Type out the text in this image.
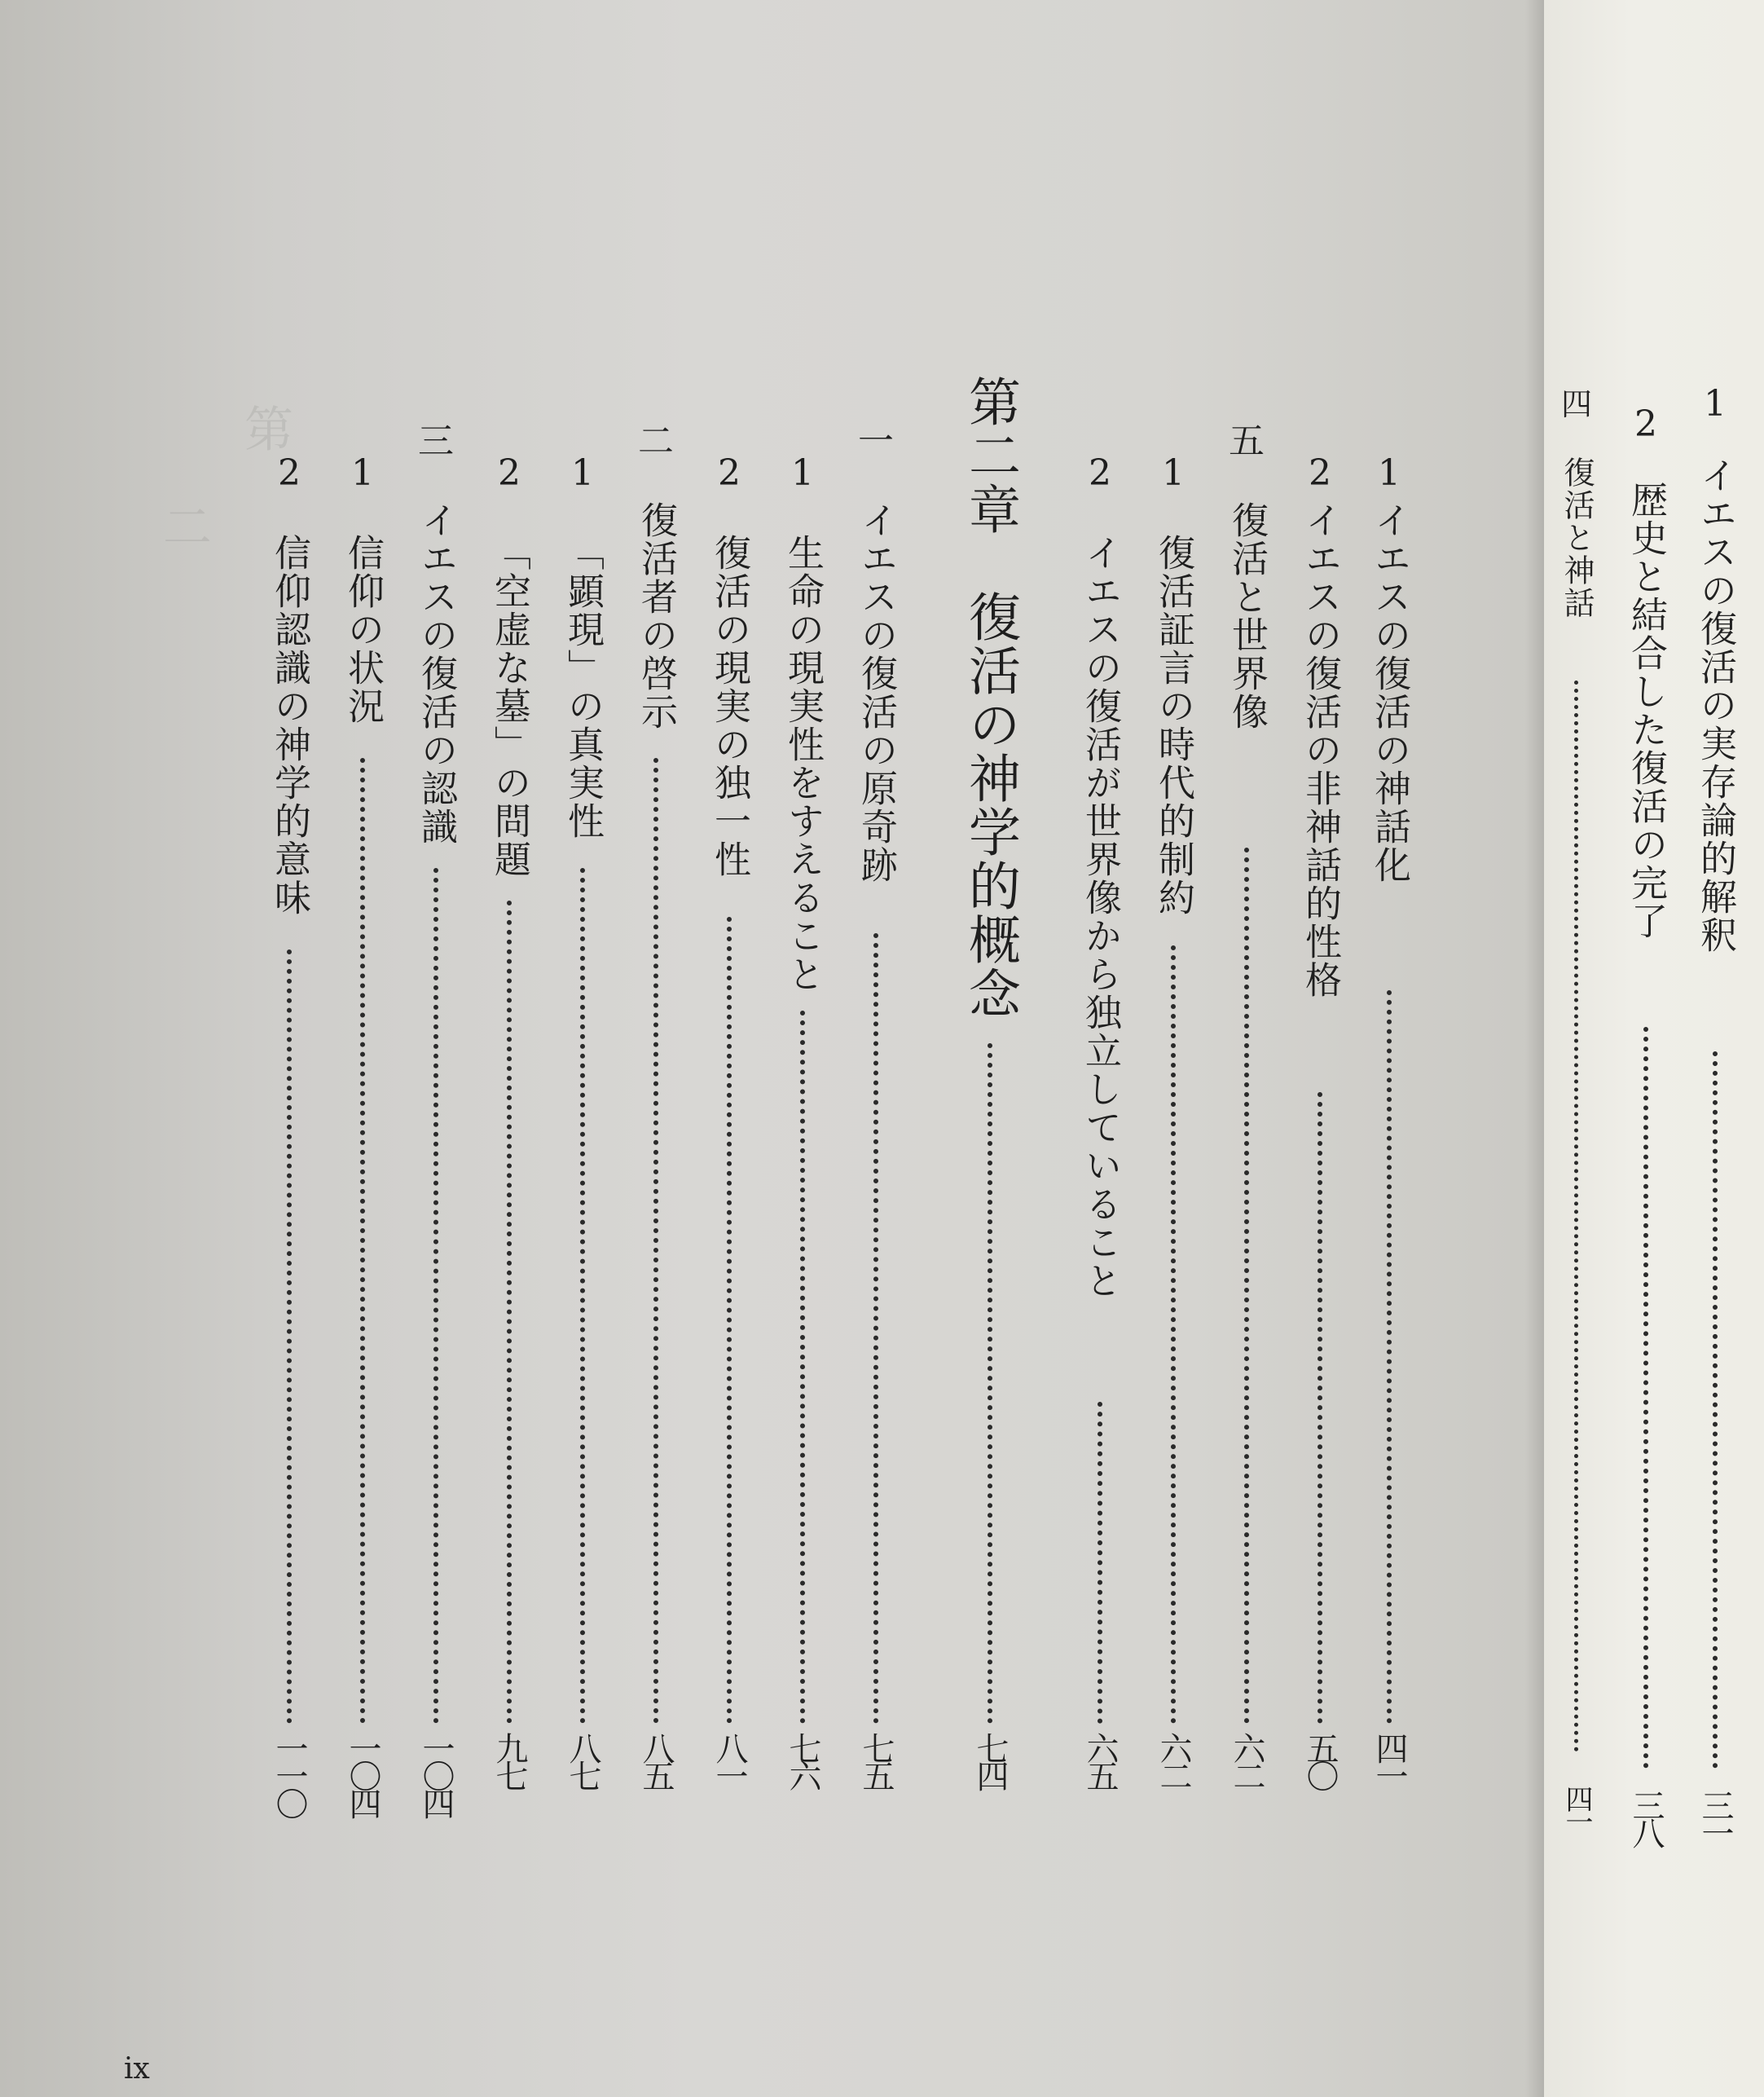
第
二
1
イエスの復活の神話化
四一
2
イエスの復活の非神話的性格
五〇
五
復活と世界像
六二
1
復活証言の時代的制約
六二
2
イエスの復活が世界像から独立していること
六五
第二章　復活の神学的概念
七四
一
イエスの復活の原奇跡
七五
1
生命の現実性をすえること
七六
2
復活の現実の独一性
八一
二
復活者の啓示
八五
1
「顕現」の真実性
八七
2
「空虚な墓」の問題
九七
三
イエスの復活の認識
一〇四
1
信仰の状況
一〇四
2
信仰認識の神学的意味
一一〇
ix
1
イエスの復活の実存論的解釈
三一
2
歴史と結合した復活の完了
三八
四
復活と神話
四一
